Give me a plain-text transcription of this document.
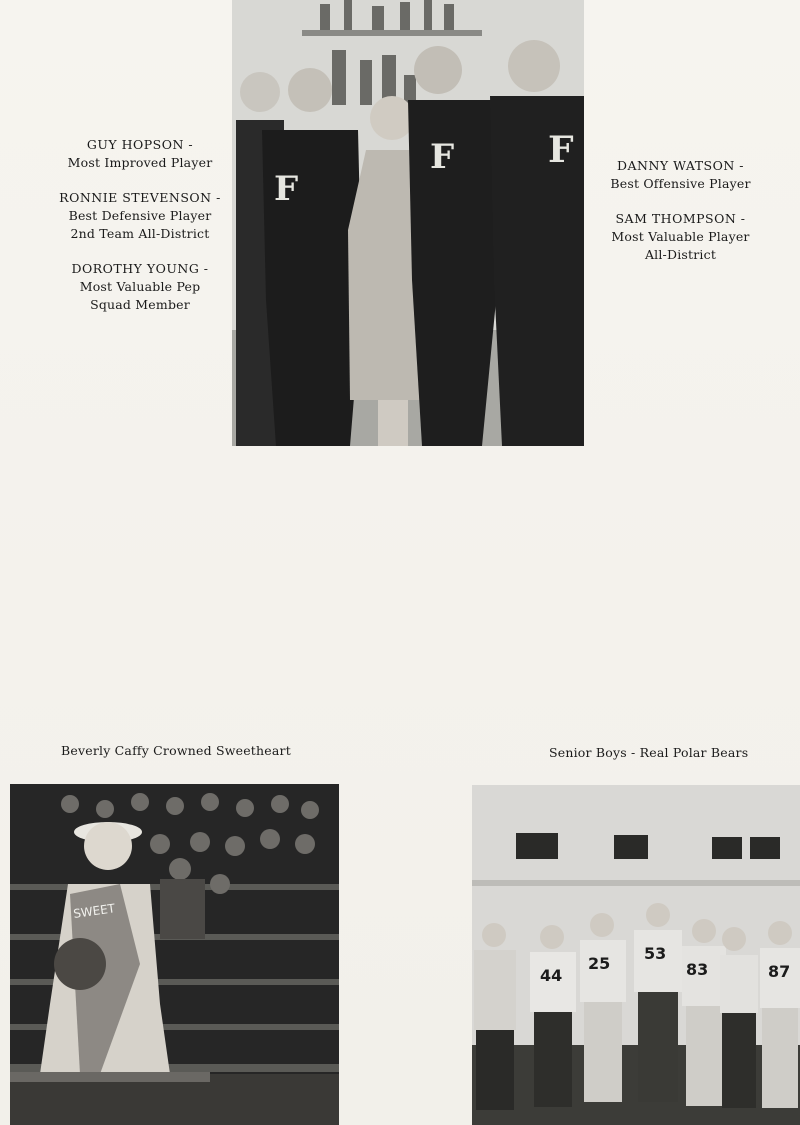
GUY HOPSON -
Most Improved Player
RONNIE STEVENSON -
Best Defensive Player
2nd Team All-District
DOROTHY YOUNG -
Most Valuable Pep
Squad Member
F
F	F	DANNY WATSON -
Best Offensive Player
SAM THOMPSON -
Most Valuable Player
All-District
Beverly Caffy Crowned Sweetheart	Senior Boys - Real Polar Bears
SWEET
44
25
53
83	87
